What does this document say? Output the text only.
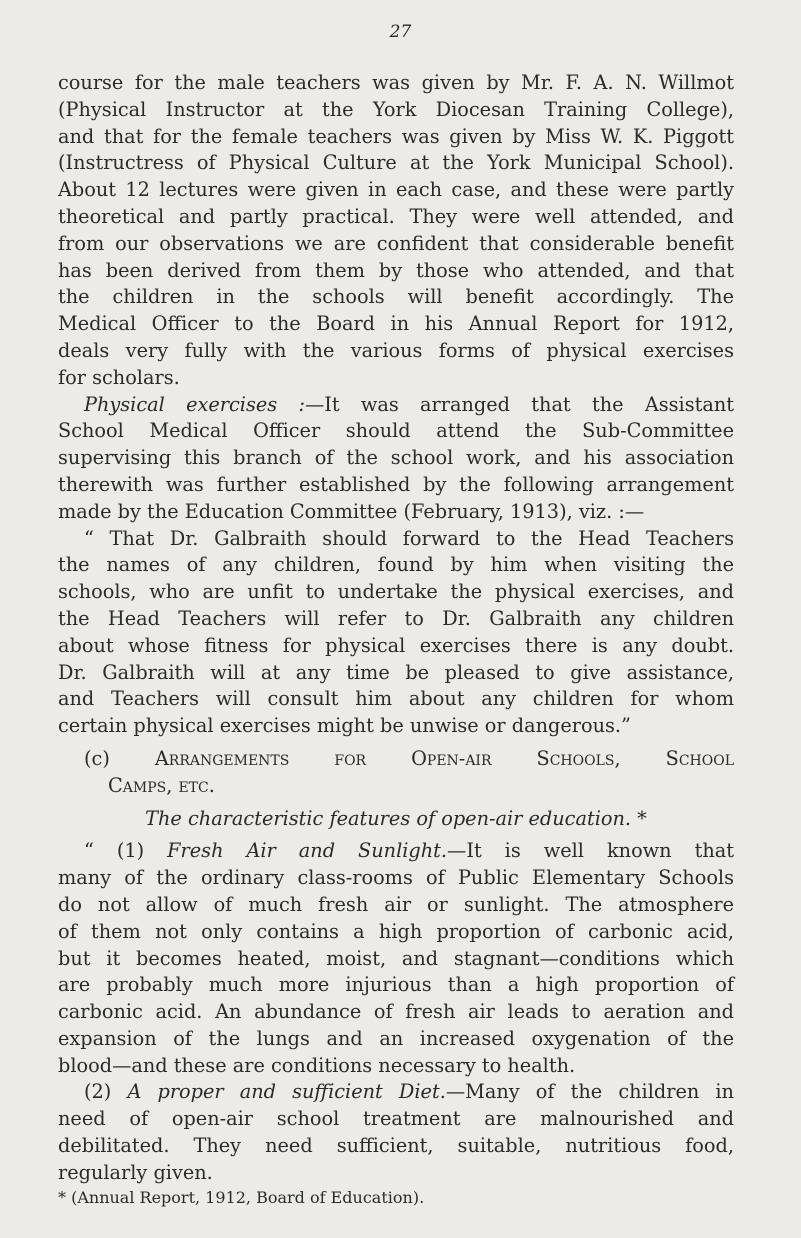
27

course for the male teachers was given by Mr. F. A. N. Willmot
(Physical Instructor at the York Diocesan Training College),
and that for the female teachers was given by Miss W. K. Piggott
(Instructress of Physical Culture at the York Municipal School).
About 12 lectures were given in each case, and these were partly
theoretical and partly practical. They were well attended, and
from our observations we are confident that considerable benefit
has been derived from them by those who attended, and that
the children in the schools will benefit accordingly. The
Medical Officer to the Board in his Annual Report for 1912,
deals very fully with the various forms of physical exercises
for scholars.

Physical exercises :—It was arranged that the Assistant
School Medical Officer should attend the Sub-Committee
supervising this branch of the school work, and his association
therewith was further established by the following arrangement
made by the Education Committee (February, 1913), viz. :—

“ That Dr. Galbraith should forward to the Head Teachers
the names of any children, found by him when visiting the
schools, who are unfit to undertake the physical exercises, and
the Head Teachers will refer to Dr. Galbraith any children
about whose fitness for physical exercises there is any doubt.
Dr. Galbraith will at any time be pleased to give assistance,
and Teachers will consult him about any children for whom
certain physical exercises might be unwise or dangerous.”

(c) Arrangements for Open-air Schools, School
Camps, etc.

The characteristic features of open-air education. *

“ (1) Fresh Air and Sunlight.—It is well known that
many of the ordinary class-rooms of Public Elementary Schools
do not allow of much fresh air or sunlight. The atmosphere
of them not only contains a high proportion of carbonic acid,
but it becomes heated, moist, and stagnant—conditions which
are probably much more injurious than a high proportion of
carbonic acid. An abundance of fresh air leads to aeration and
expansion of the lungs and an increased oxygenation of the
blood—and these are conditions necessary to health.

(2) A proper and sufficient Diet.—Many of the children in
need of open-air school treatment are malnourished and
debilitated. They need sufficient, suitable, nutritious food,
regularly given.

* (Annual Report, 1912, Board of Education).
